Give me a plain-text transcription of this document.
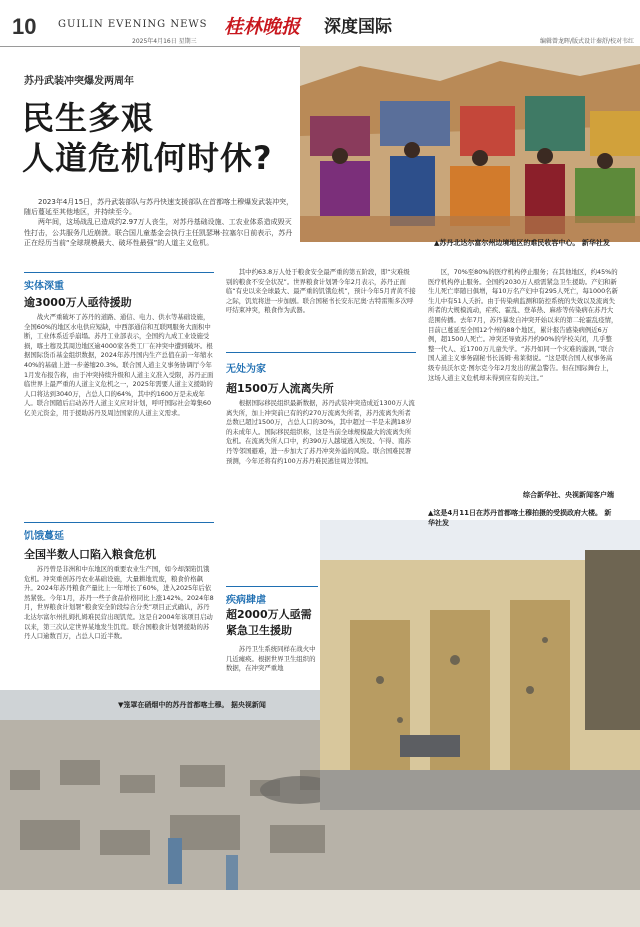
10 GUILIN EVENING NEWS
2025年4月16日 星期三
桂林晚报 深度国际
编辑曾龙晖/版式设计秦舒/校对韦红
苏丹武装冲突爆发两周年
民生多艰
人道危机何时休?

2023年4月15日，苏丹武装部队与苏丹快速支援部队在首都喀土穆爆发武装冲突，随后蔓延至其他地区，并持续至今。

两年间，这场战乱已造成约2.97万人丧生，对苏丹基础设施、工农业体系造成毁灭性打击，公共服务几近崩溃。联合国儿童基金会执行主任凯瑟琳·拉塞尔日前表示，苏丹正在经历当前“全球规模最大、破坏性最强”的人道主义危机。	▲苏丹北达尔富尔州边境地区的难民收容中心。 新华社发
实体深重
逾3000万人亟待援助

战火严重破坏了苏丹的道路、通信、电力、供水等基础设施，全国60%的地区水电供应短缺，中西部通信和互联网服务大面积中断，工业体系近乎崩塌。苏丹工业部表示，全国约九成工业设施受损，喀土穆及其周边地区逾4000家各类工厂在冲突中遭到破坏。根据国际货币基金组织数据，2024年苏丹国内生产总值在前一年缩水40%的基础上进一步萎缩20.3%。联合国人道主义事务协调厅今年1月发布报告称，由于冲突持续升级和人道主义准入受限，苏丹正面临世界上最严重的人道主义危机之一，2025年需要人道主义援助的人口将达到3040万，占总人口的64%，其中约1600万是未成年人。联合国随后启动苏丹人道主义应对计划，呼吁国际社会筹集60亿美元资金，用于援助苏丹及周边国家的人道主义需求。

饥饿蔓延
全国半数人口陷入粮食危机

苏丹曾是非洲和中东地区的重要农业生产国，如今却深陷饥饿危机。冲突重创苏丹农业基础设施，大量耕地荒废，粮食价格飙升。2024年苏丹粮食产量比上一年增长了60%，进入2025年后依然紧张。今年1月，苏丹一些子食品价格同比上涨142%。2024年8月，世界粮食计划署“粮食安全阶段综合分类”项目正式确认，苏丹北达尔富尔州扎姆扎姆难民营出现饥荒。这是自2004年该项目启动以来，第三次认定世界某地发生饥荒。联合国粮食计划署援助的苏丹人口逾数百万，占总人口近半数。

其中约63.8万人处于粮食安全最严重的第五阶段，即“灾难级别的粮食不安全状况”。世界粮食计划署今年2月表示，苏丹正面临“有史以来全球最大、最严重的饥饿危机”，预计今年5月青黄不接之际，饥荒将进一步加剧。联合国秘书长安东尼奥·古特雷斯多次呼吁结束冲突，粮食作为武器。

无处为家
超1500万人流离失所

根据国际移民组织最新数据，苏丹武装冲突造成近1300万人流离失所，加上冲突前已有的约270万流离失所者，苏丹流离失所者总数已超过1500万，占总人口的30%，其中超过一半是未满18岁的未成年人。国际移民组织称，这是当前全球规模最大的流离失所危机。在流离失所人口中，约390万人越境逃入埃及、乍得、南苏丹等邻国避难，进一步加大了苏丹冲突外溢的风险。联合国难民署预测，今年还将有约100万苏丹难民逃往周边邻国。

疾病肆虐
超2000万人亟需紧急卫生援助

苏丹卫生系统同样在战火中几近瘫痪。根据世界卫生组织的数据，在冲突严重地

▼笼罩在硝烟中的苏丹首都喀土穆。 据央视新闻

区，70%至80%的医疗机构停止服务；在其他地区，约45%的医疗机构停止服务。全国约2030万人亟需紧急卫生援助。产妇和新生儿死亡率随日俱增，每10万名产妇中有295人死亡，每1000名新生儿中有51人夭折。由于传染病监测和防控系统的失效以及流离失所者的大规模流动，疟疾、霍乱、登革热、麻疹等传染病在苏丹大范围传播。去年7月，苏丹暴发自冲突开始以来的第二轮霍乱疫情，目前已蔓延至全国12个州的88个地区，累计报告感染病例近6万例，超1500人死亡。冲突还导致苏丹约90%的学校关闭，几乎整整一代人、近1700万儿童失学。“苏丹如同一个灾难的漩涡，”联合国人道主义事务副秘书长汤姆·弗莱彻说。“这是联合国人权事务高级专员沃尔克·图尔克今年2月发出的紧急警告。但在国际舞台上，这场人道主义危机却未得到应有的关注。”

综合新华社、央视新闻客户端
▲这是4月11日在苏丹首都喀土穆拍摄的受损政府大楼。 新华社发
